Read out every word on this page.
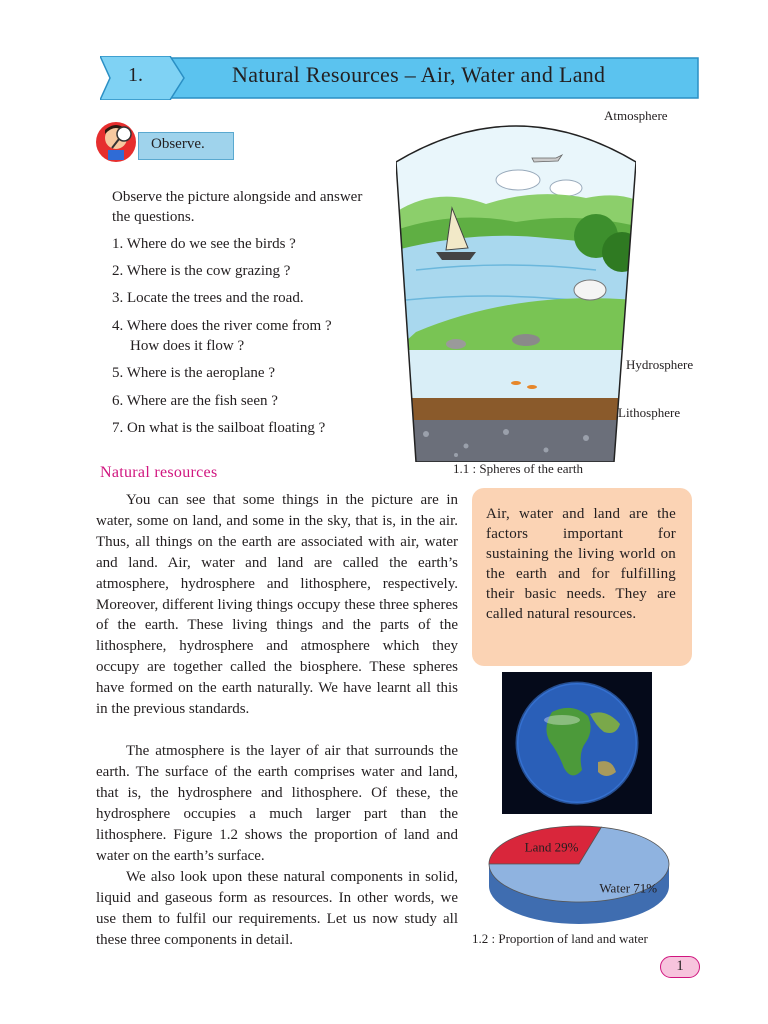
1.	Natural Resources – Air, Water and Land
Observe.
Observe the picture alongside and answer the questions.
1. Where do we see the birds ?
2. Where is the cow grazing ?
3. Locate the trees and the road.
4. Where does the river come from ?
How does it flow ?
5. Where is the aeroplane ?
6. Where are the fish seen ?
7. On what is the sailboat floating ?
Atmosphere
Hydrosphere
Lithosphere
1.1 : Spheres of the earth
Natural resources
You can see that some things in the picture are in water, some on land, and some in the sky, that is, in the air. Thus, all things on the earth are associated with air, water and land. Air, water and land are called the earth’s atmosphere, hydrosphere and lithosphere, respectively. Moreover, different living things occupy these three spheres of the earth. These living things and the parts of the lithosphere, hydrosphere and atmosphere which they occupy are together called the biosphere. These spheres have formed on the earth naturally. We have learnt all this in the previous standards.
The atmosphere is the layer of air that surrounds the earth. The surface of the earth comprises water and land, that is, the hydrosphere and lithosphere. Of these, the hydrosphere occupies a much larger part than the lithosphere. Figure 1.2 shows the proportion of land and water on the earth’s surface.
We also look upon these natural components in solid, liquid and gaseous form as resources. In other words, we use them to fulfil our requirements. Let us now study all these three components in detail.
Air, water and land are the factors important for sustaining the living world on the earth and for fulfilling their basic needs. They are called natural resources.
Land 29%
Water 71%
1.2 : Proportion of land and water
1
